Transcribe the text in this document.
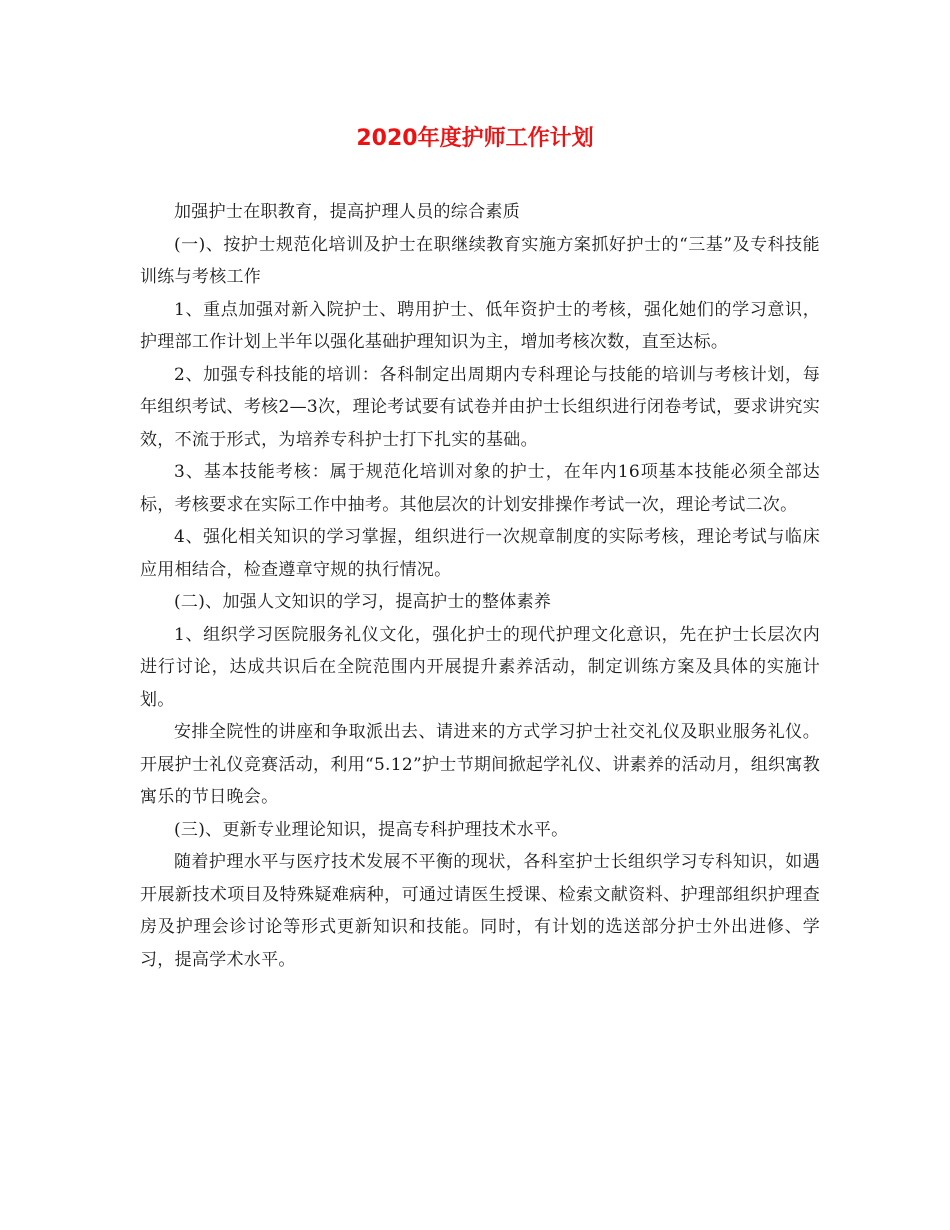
2020年度护师工作计划

加强护士在职教育，提高护理人员的综合素质

(一)、按护士规范化培训及护士在职继续教育实施方案抓好护士的“三基”及专科技能训练与考核工作

1、重点加强对新入院护士、聘用护士、低年资护士的考核，强化她们的学习意识，护理部工作计划上半年以强化基础护理知识为主，增加考核次数，直至达标。

2、加强专科技能的培训：各科制定出周期内专科理论与技能的培训与考核计划，每年组织考试、考核2—3次，理论考试要有试卷并由护士长组织进行闭卷考试，要求讲究实效，不流于形式，为培养专科护士打下扎实的基础。

3、基本技能考核：属于规范化培训对象的护士，在年内16项基本技能必须全部达标，考核要求在实际工作中抽考。其他层次的计划安排操作考试一次，理论考试二次。

4、强化相关知识的学习掌握，组织进行一次规章制度的实际考核，理论考试与临床应用相结合，检查遵章守规的执行情况。

(二)、加强人文知识的学习，提高护士的整体素养

1、组织学习医院服务礼仪文化，强化护士的现代护理文化意识，先在护士长层次内进行讨论，达成共识后在全院范围内开展提升素养活动，制定训练方案及具体的实施计划。

安排全院性的讲座和争取派出去、请进来的方式学习护士社交礼仪及职业服务礼仪。开展护士礼仪竞赛活动，利用“5.12”护士节期间掀起学礼仪、讲素养的活动月，组织寓教寓乐的节日晚会。

(三)、更新专业理论知识，提高专科护理技术水平。

随着护理水平与医疗技术发展不平衡的现状，各科室护士长组织学习专科知识，如遇开展新技术项目及特殊疑难病种，可通过请医生授课、检索文献资料、护理部组织护理查房及护理会诊讨论等形式更新知识和技能。同时，有计划的选送部分护士外出进修、学习，提高学术水平。
